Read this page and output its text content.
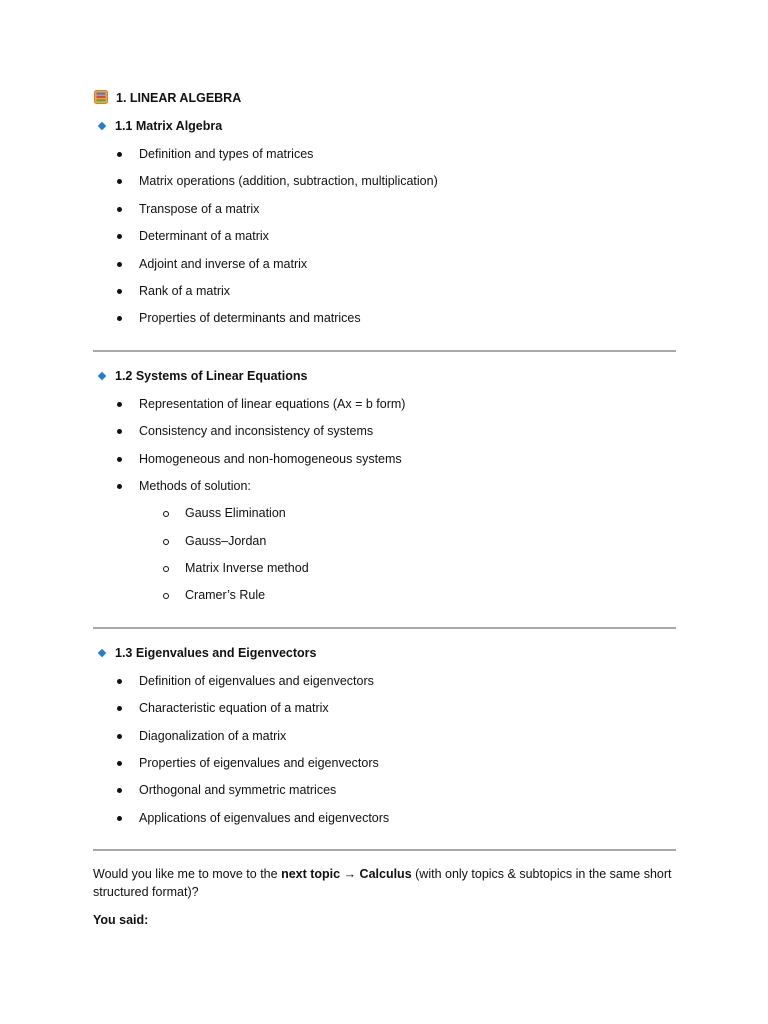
1. LINEAR ALGEBRA
1.1 Matrix Algebra
Definition and types of matrices
Matrix operations (addition, subtraction, multiplication)
Transpose of a matrix
Determinant of a matrix
Adjoint and inverse of a matrix
Rank of a matrix
Properties of determinants and matrices
1.2 Systems of Linear Equations
Representation of linear equations (Ax = b form)
Consistency and inconsistency of systems
Homogeneous and non-homogeneous systems
Methods of solution:
Gauss Elimination
Gauss–Jordan
Matrix Inverse method
Cramer’s Rule
1.3 Eigenvalues and Eigenvectors
Definition of eigenvalues and eigenvectors
Characteristic equation of a matrix
Diagonalization of a matrix
Properties of eigenvalues and eigenvectors
Orthogonal and symmetric matrices
Applications of eigenvalues and eigenvectors
Would you like me to move to the next topic → Calculus (with only topics & subtopics in the same short structured format)?
You said:
